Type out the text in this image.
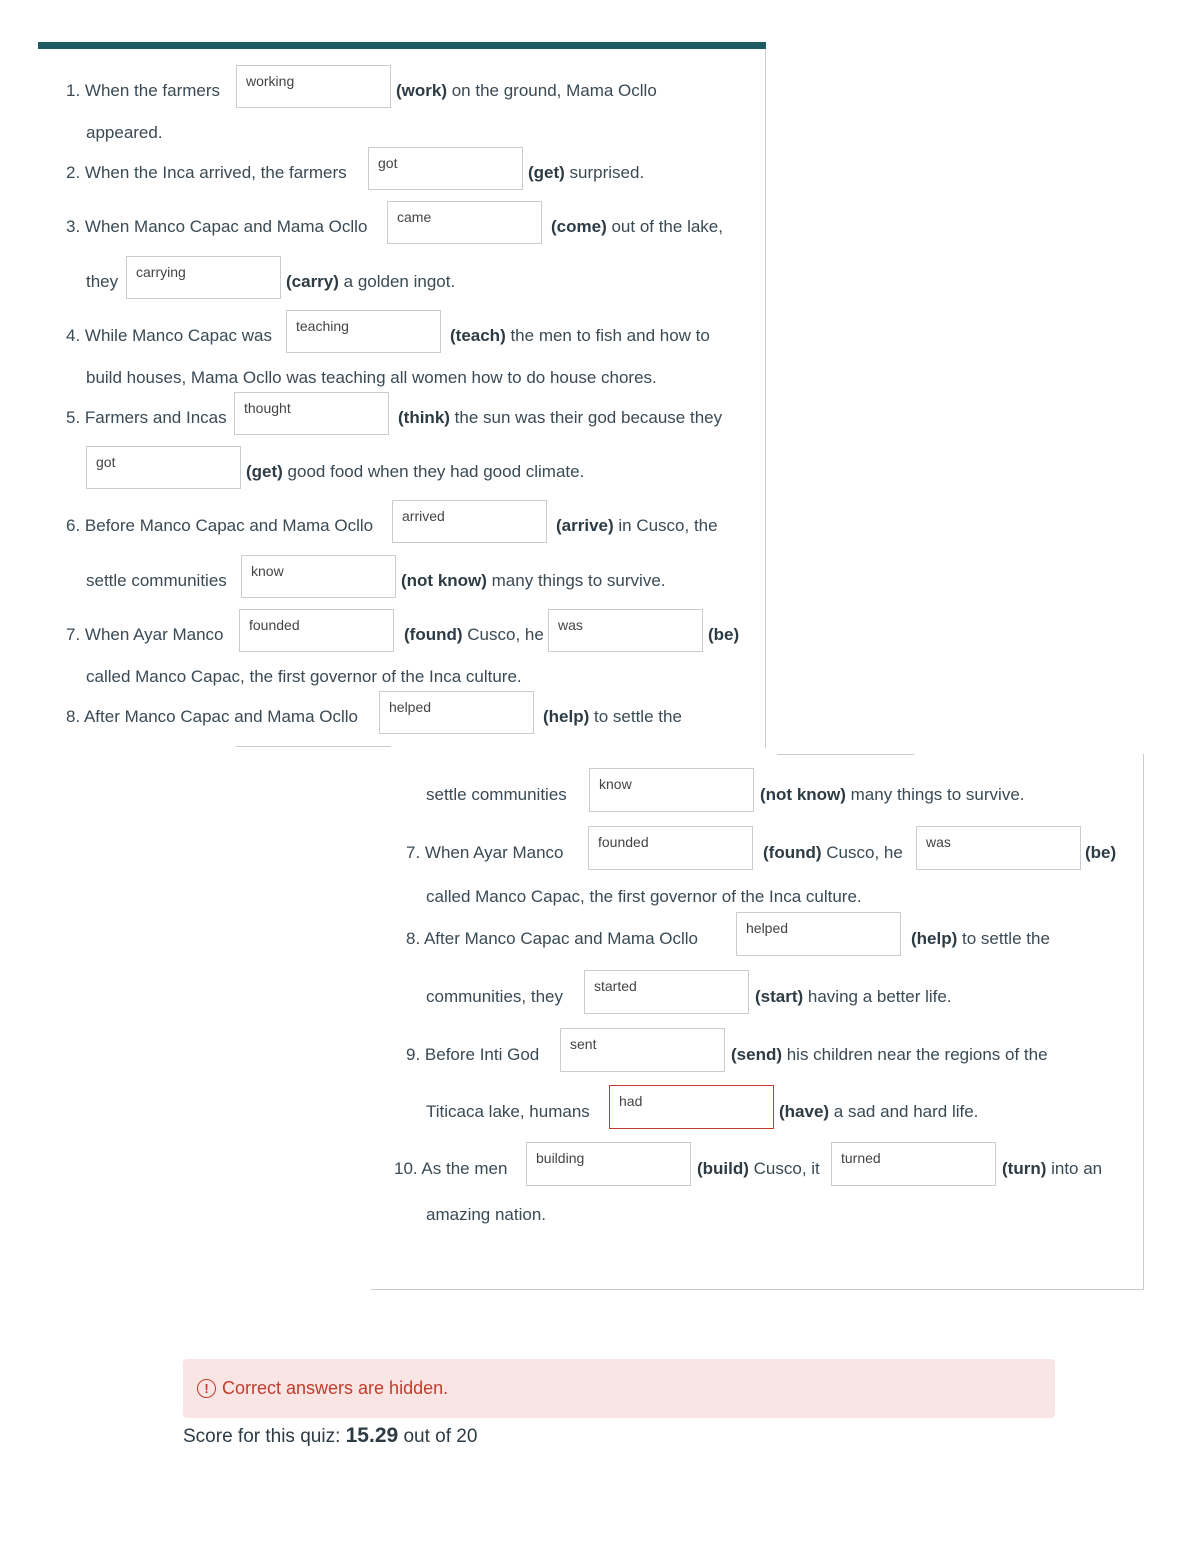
1. When the farmers	working	(work) on the ground, Mama Ocllo
appeared.
2. When the Inca arrived, the farmers	got	(get) surprised.
3. When Manco Capac and Mama Ocllo	came	(come) out of the lake,
they	carrying	(carry) a golden ingot.
4. While Manco Capac was	teaching	(teach) the men to fish and how to
build houses, Mama Ocllo was teaching all women how to do house chores.
5. Farmers and Incas	thought	(think) the sun was their god because they
got	(get) good food when they had good climate.
6. Before Manco Capac and Mama Ocllo	arrived	(arrive) in Cusco, the
settle communities	know	(not know) many things to survive.
7. When Ayar Manco	founded	(found) Cusco, he	was	(be)
called Manco Capac, the first governor of the Inca culture.
8. After Manco Capac and Mama Ocllo	helped	(help) to settle the
settle communities
know
(not know) many things to survive.
7. When Ayar Manco
founded
(found) Cusco, he
was
(be)
called Manco Capac, the first governor of the Inca culture.
8. After Manco Capac and Mama Ocllo
helped
(help) to settle the
communities, they
started
(start) having a better life.
9. Before Inti God
sent
(send) his children near the regions of the
Titicaca lake, humans
had
(have) a sad and hard life.
10. As the men
building
(build) Cusco, it
turned
(turn) into an
amazing nation.
! Correct answers are hidden.
Score for this quiz: 15.29 out of 20
